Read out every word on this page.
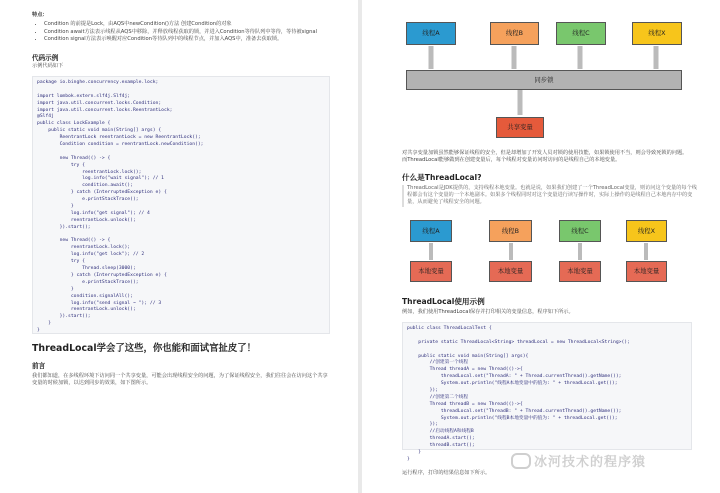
特点：
• Condition 的前提是Lock，由AQS中newCondition()方法 创建Condition的对象
• Condition await方法表示线程从AQS中移除，并释放线程获取的锁，并进入Condition等待队列中等待，等待被signal
• Condition signal方法表示唤醒对应Condition等待队列中的线程节点，并加入AQS中，准备去获取锁。
代码示例
示例代码如下
package io.binghe.concurrency.example.lock;
import lombok.extern.slf4j.Slf4j;
import java.util.concurrent.locks.Condition;
import java.util.concurrent.locks.ReentrantLock;
@Slf4j
public class LockExample {
public static void main(String[] args) {
ReentrantLock reentrantLock = new ReentrantLock();
Condition condition = reentrantLock.newCondition();
new Thread(() -> {
try {
reentrantLock.lock();
log.info("wait signal"); // 1
condition.await();
} catch (InterruptedException e) {
e.printStackTrace();
}
log.info("get signal"); // 4
reentrantLock.unlock();
}).start();
new Thread(() -> {
reentrantLock.lock();
log.info("get lock"); // 2
try {
Thread.sleep(3000);
} catch (InterruptedException e) {
e.printStackTrace();
}
condition.signalAll();
log.info("send signal ~ "); // 3
reentrantLock.unlock();
}).start();
}
}
ThreadLocal学会了这些，你也能和面试官扯皮了！
前言
我们都知道，在多线程环境下访问同一个共享变量，可能会出现线程安全的问题，为了保证线程安全，我们往往会在访问这个共享变量的时候加锁，以达到同步的效果，如下图所示。
线程A	线程B	线程C	线程X
同步锁
共享变量
对共享变量加锁虽然能够保证线程的安全，但是却增加了开发人员对锁的使用技能，如果锁使用不当，则会导致死锁的问题。而ThreadLocal能够做到在创建变量后，每个线程对变量访问时访问的是线程自己的本地变量。
什么是ThreadLocal?
ThreadLocal是JDK提供的，支持线程本地变量。也就是说，如果我们创建了一个ThreadLocal变量，则访问这个变量的每个线程都会有这个变量的一个本地副本。如果多个线程同时对这个变量进行读写操作时，实际上操作的是线程自己本地内存中的变量，从而避免了线程安全的问题。
线程A	线程B	线程C	线程X
本地变量	本地变量	本地变量	本地变量
ThreadLocal使用示例
例如，我们使用ThreadLocal保存并打印相关的变量信息，程序如下所示。
public class ThreadLocalTest {
private static ThreadLocal<String> threadLocal = new ThreadLocal<String>();
public static void main(String[] args){
//创建第一个线程
Thread threadA = new Thread(()->{
threadLocal.set("ThreadA: " + Thread.currentThread().getName());
System.out.println("线程A本地变量中的值为: " + threadLocal.get());
});
//创建第二个线程
Thread threadB = new Thread(()->{
threadLocal.set("ThreadB: " + Thread.currentThread().getName());
System.out.println("线程B本地变量中的值为: " + threadLocal.get());
});
//启动线程A和线程B
threadA.start();
threadB.start();
}
}
运行程序，打印的结果信息如下所示。
冰河技术的程序猿
